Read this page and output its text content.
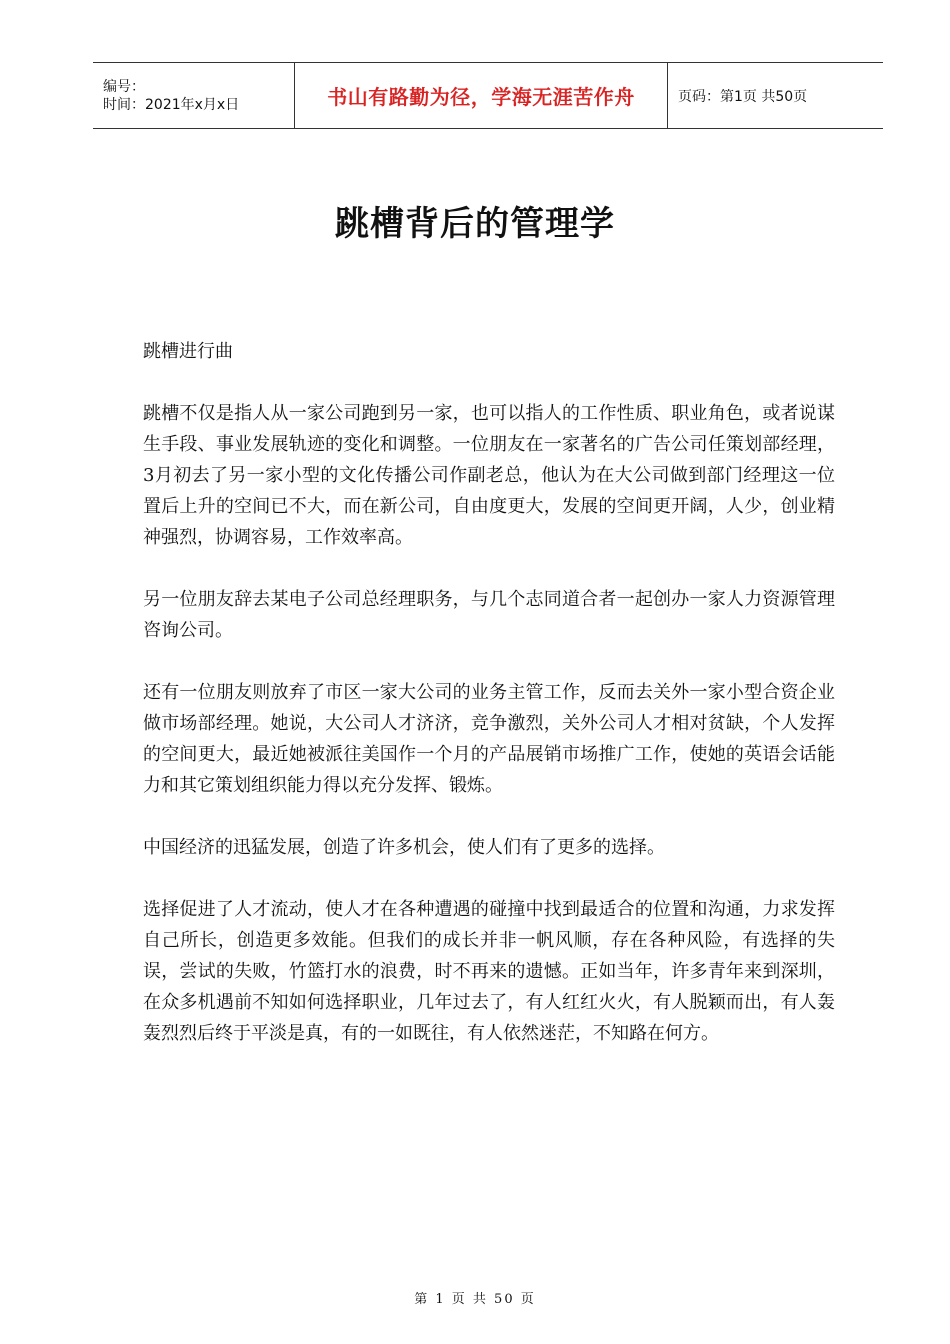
编号：
时间：2021年x月x日	书山有路勤为径，学海无涯苦作舟	页码：第1页 共50页
跳槽背后的管理学

跳槽进行曲

跳槽不仅是指人从一家公司跑到另一家，也可以指人的工作性质、职业角色，或者说谋生手段、事业发展轨迹的变化和调整。一位朋友在一家著名的广告公司任策划部经理，3月初去了另一家小型的文化传播公司作副老总，他认为在大公司做到部门经理这一位置后上升的空间已不大，而在新公司，自由度更大，发展的空间更开阔，人少，创业精神强烈，协调容易，工作效率高。

另一位朋友辞去某电子公司总经理职务，与几个志同道合者一起创办一家人力资源管理咨询公司。

还有一位朋友则放弃了市区一家大公司的业务主管工作，反而去关外一家小型合资企业做市场部经理。她说，大公司人才济济，竞争激烈，关外公司人才相对贫缺，个人发挥的空间更大，最近她被派往美国作一个月的产品展销市场推广工作，使她的英语会话能力和其它策划组织能力得以充分发挥、锻炼。

中国经济的迅猛发展，创造了许多机会，使人们有了更多的选择。

选择促进了人才流动，使人才在各种遭遇的碰撞中找到最适合的位置和沟通，力求发挥自己所长，创造更多效能。但我们的成长并非一帆风顺，存在各种风险，有选择的失误，尝试的失败，竹篮打水的浪费，时不再来的遗憾。正如当年，许多青年来到深圳，在众多机遇前不知如何选择职业，几年过去了，有人红红火火，有人脱颖而出，有人轰轰烈烈后终于平淡是真，有的一如既往，有人依然迷茫，不知路在何方。

第 1 页 共 50 页
